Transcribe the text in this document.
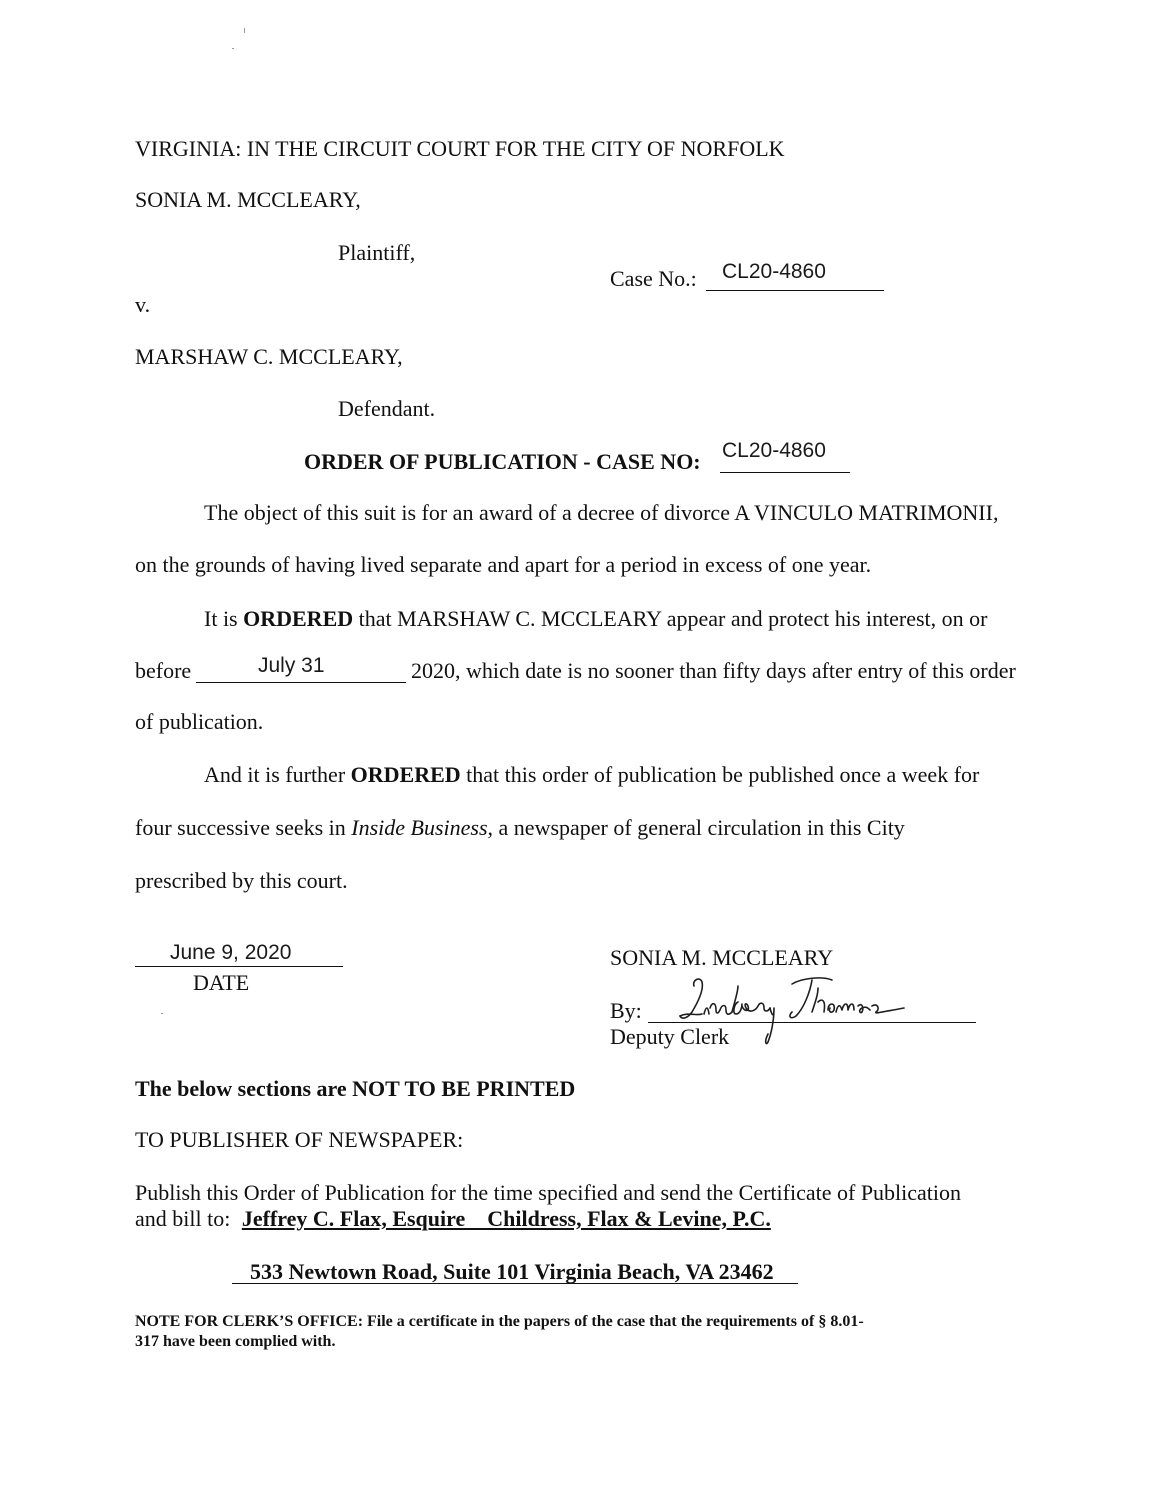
VIRGINIA: IN THE CIRCUIT COURT FOR THE CITY OF NORFOLK
SONIA M. MCCLEARY,
Plaintiff,
Case No.: CL20-4860
v.
MARSHAW C. MCCLEARY,
Defendant.
ORDER OF PUBLICATION - CASE NO: CL20-4860
The object of this suit is for an award of a decree of divorce A VINCULO MATRIMONII,
on the grounds of having lived separate and apart for a period in excess of one year.
It is ORDERED that MARSHAW C. MCCLEARY appear and protect his interest, on or
before	July 31	2020, which date is no sooner than fifty days after entry of this order
of publication.
And it is further ORDERED that this order of publication be published once a week for
four successive seeks in Inside Business, a newspaper of general circulation in this City
prescribed by this court.
June 9, 2020
DATE
SONIA M. MCCLEARY
By:
Deputy Clerk
The below sections are NOT TO BE PRINTED
TO PUBLISHER OF NEWSPAPER:
Publish this Order of Publication for the time specified and send the Certificate of Publication
and bill to: Jeffrey C. Flax, Esquire    Childress, Flax & Levine, P.C.
533 Newtown Road, Suite 101 Virginia Beach, VA 23462
NOTE FOR CLERK’S OFFICE: File a certificate in the papers of the case that the requirements of § 8.01-
317 have been complied with.
